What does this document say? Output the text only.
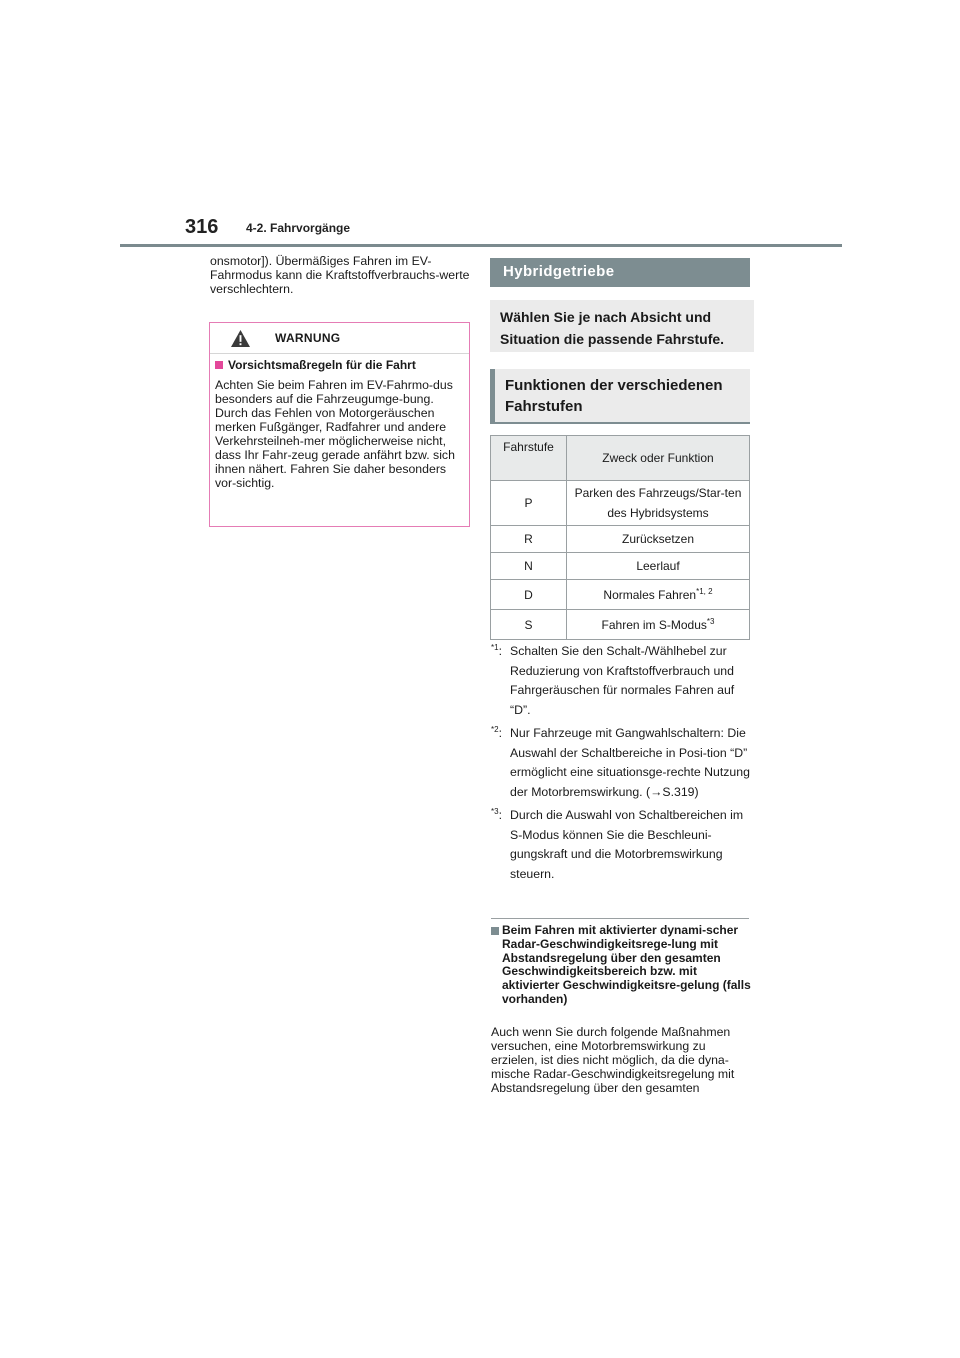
316 4-2. Fahrvorgänge
onsmotor]). Übermäßiges Fahren im EV-Fahrmodus kann die Kraftstoffverbrauchs-werte verschlechtern.
WARNUNG
Vorsichtsmaßregeln für die Fahrt
Achten Sie beim Fahren im EV-Fahrmo-dus besonders auf die Fahrzeugumge-bung. Durch das Fehlen von Motorgeräuschen merken Fußgänger, Radfahrer und andere Verkehrsteilneh-mer möglicherweise nicht, dass Ihr Fahr-zeug gerade anfährt bzw. sich ihnen nähert. Fahren Sie daher besonders vor-sichtig.
Hybridgetriebe
Wählen Sie je nach Absicht und Situation die passende Fahrstufe.
Funktionen der verschiedenen Fahrstufen
Fahrstufe	Zweck oder Funktion
P	Parken des Fahrzeugs/Star-ten des Hybridsystems
R	Zurücksetzen
N	Leerlauf
D	Normales Fahren$^{*1, 2}$
S	Fahren im S-Modus$^{*3}$
$^{*1}$: Schalten Sie den Schalt-/Wählhebel zur Reduzierung von Kraftstoffverbrauch und Fahrgeräuschen für normales Fahren auf “D”.
$^{*2}$: Nur Fahrzeuge mit Gangwahlschaltern: Die Auswahl der Schaltbereiche in Posi-tion “D” ermöglicht eine situationsge-rechte Nutzung der Motorbremswirkung. (→S.319)
$^{*3}$: Durch die Auswahl von Schaltbereichen im S-Modus können Sie die Beschleuni-gungskraft und die Motorbremswirkung steuern.
Beim Fahren mit aktivierter dynami-scher Radar-Geschwindigkeitsrege-lung mit Abstandsregelung über den gesamten Geschwindigkeitsbereich bzw. mit aktivierter Geschwindigkeitsre-gelung (falls vorhanden)
Auch wenn Sie durch folgende Maßnahmen versuchen, eine Motorbremswirkung zu erzielen, ist dies nicht möglich, da die dyna-mische Radar-Geschwindigkeitsregelung mit Abstandsregelung über den gesamten
